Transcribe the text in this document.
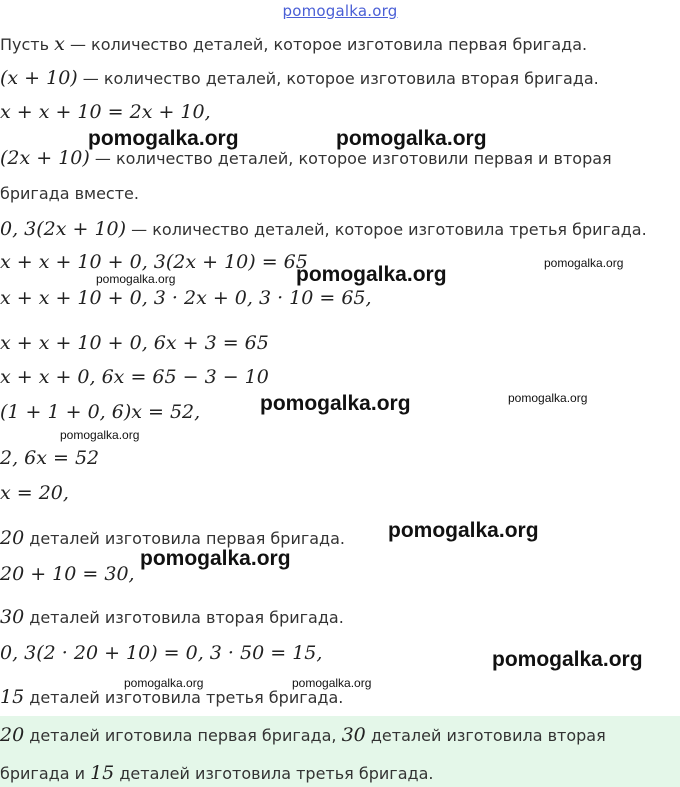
pomogalka.org
Пусть x — количество деталей, которое изготовила первая бригада.
(x + 10) — количество деталей, которое изготовила вторая бригада.
x + x + 10 = 2x + 10,
(2x + 10) — количество деталей, которое изготовили первая и вторая
бригада вместе.
0, 3(2x + 10) — количество деталей, которое изготовила третья бригада.
x + x + 10 + 0, 3(2x + 10) = 65
x + x + 10 + 0, 3 · 2x + 0, 3 · 10 = 65,
x + x + 10 + 0, 6x + 3 = 65
x + x + 0, 6x = 65 − 3 − 10
(1 + 1 + 0, 6)x = 52,
2, 6x = 52
x = 20,
20 деталей изготовила первая бригада.
20 + 10 = 30,
30 деталей изготовила вторая бригада.
0, 3(2 · 20 + 10) = 0, 3 · 50 = 15,
15 деталей изготовила третья бригада.
20 деталей иготовила первая бригада, 30 деталей изготовила вторая
бригада и 15 деталей изготовила третья бригада.
pomogalka.org	pomogalka.org
pomogalka.org
pomogalka.org	pomogalka.org
pomogalka.org	pomogalka.org
pomogalka.org
pomogalka.org
pomogalka.org
pomogalka.org
pomogalka.org	pomogalka.org
